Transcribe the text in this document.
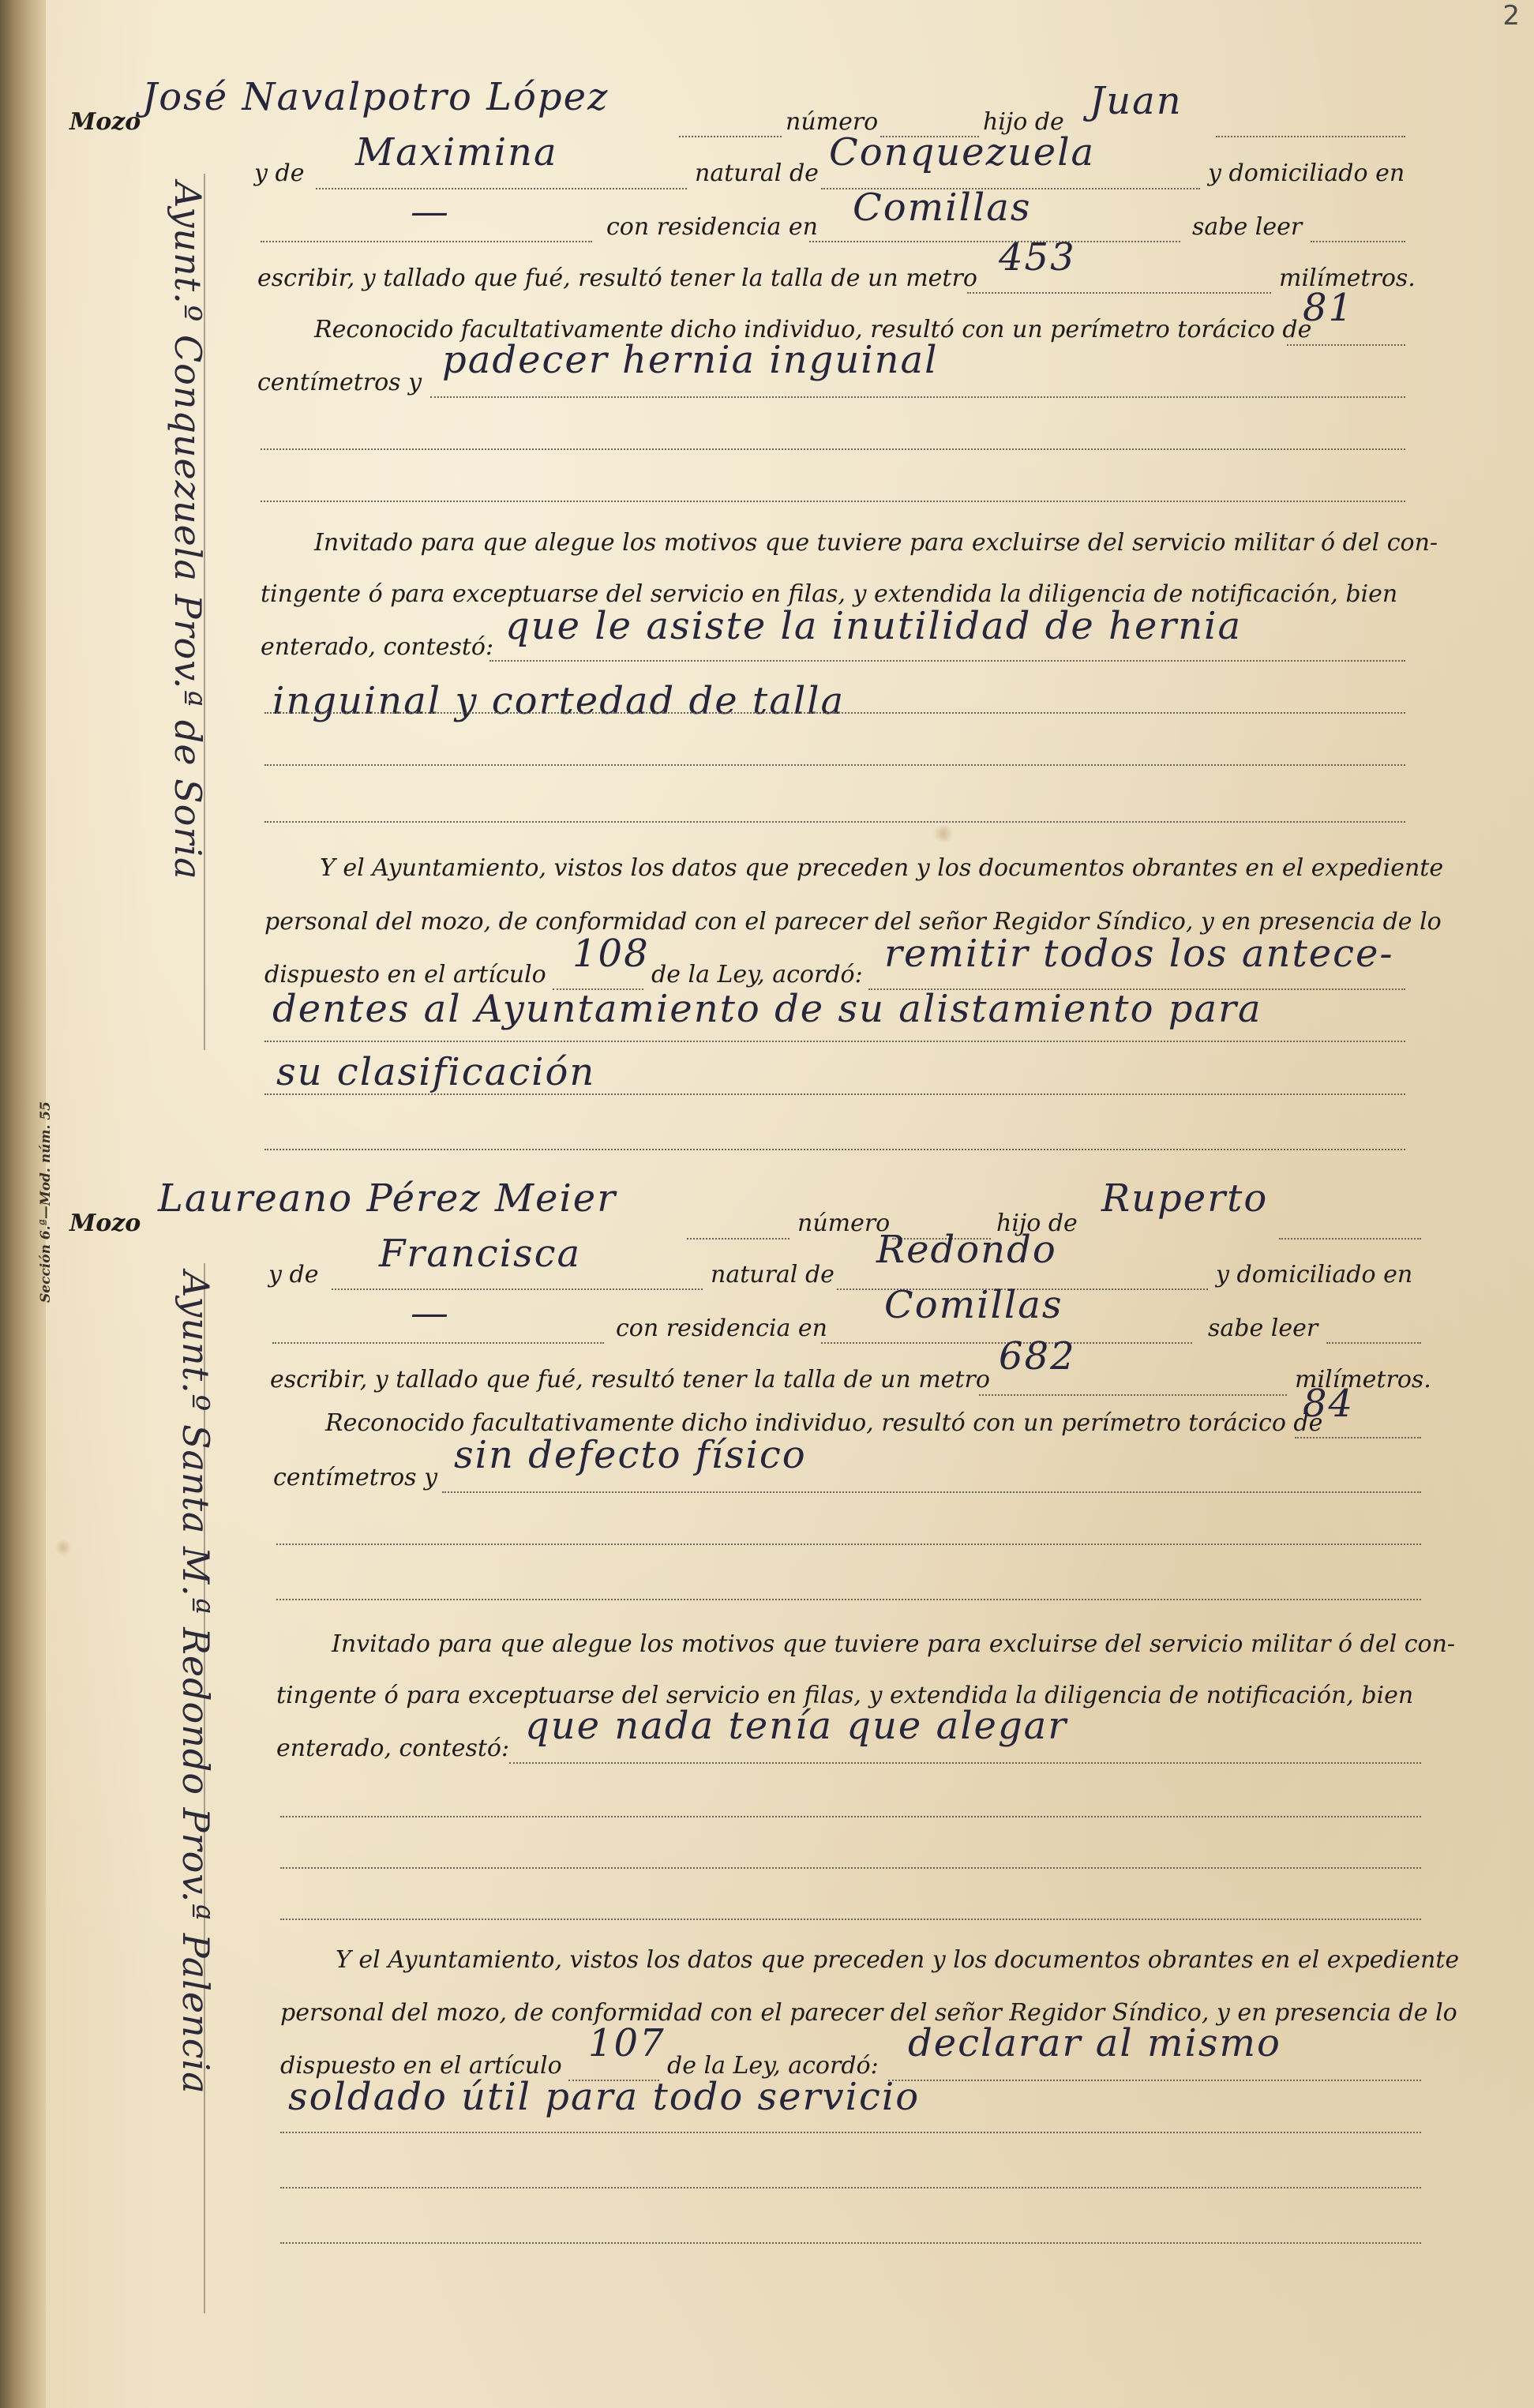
2
Sección 6.ª—Mod. núm. 55
Ayunt.º Conquezuela Prov.ª de Soria
Mozo
José Navalpotro López
número	hijo de Juan
y de Maximina	natural de Conquezuela	y domiciliado en
—	con residencia en Comillas	sabe leer
escribir, y tallado que fué, resultó tener la talla de un metro 453	milímetros.
Reconocido facultativamente dicho individuo, resultó con un perímetro torácico de
81
centímetros y
padecer hernia inguinal
Invitado para que alegue los motivos que tuviere para excluirse del servicio militar ó del con-
tingente ó para exceptuarse del servicio en filas, y extendida la diligencia de notificación, bien
enterado, contestó: que le asiste la inutilidad de hernia
inguinal y cortedad de talla
Y el Ayuntamiento, vistos los datos que preceden y los documentos obrantes en el expediente
personal del mozo, de conformidad con el parecer del señor Regidor Síndico, y en presencia de lo
dispuesto en el artículo 108 de la Ley, acordó: remitir todos los antece-
dentes al Ayuntamiento de su alistamiento para
su clasificación
Ayunt.º Santa M.ª Redondo Prov.ª Palencia
Mozo
Laureano Pérez Meier
número	hijo de
Ruperto
y de Francisca	natural de
Redondo
y domiciliado en
—	con residencia en
Comillas
sabe leer
escribir, y tallado que fué, resultó tener la talla de un metro
682
milímetros.
Reconocido facultativamente dicho individuo, resultó con un perímetro torácico de
84
centímetros y
sin defecto físico
Invitado para que alegue los motivos que tuviere para excluirse del servicio militar ó del con-
tingente ó para exceptuarse del servicio en filas, y extendida la diligencia de notificación, bien
enterado, contestó:
que nada tenía que alegar
Y el Ayuntamiento, vistos los datos que preceden y los documentos obrantes en el expediente
personal del mozo, de conformidad con el parecer del señor Regidor Síndico, y en presencia de lo
dispuesto en el artículo
107
de la Ley, acordó:
declarar al mismo
soldado útil para todo servicio
